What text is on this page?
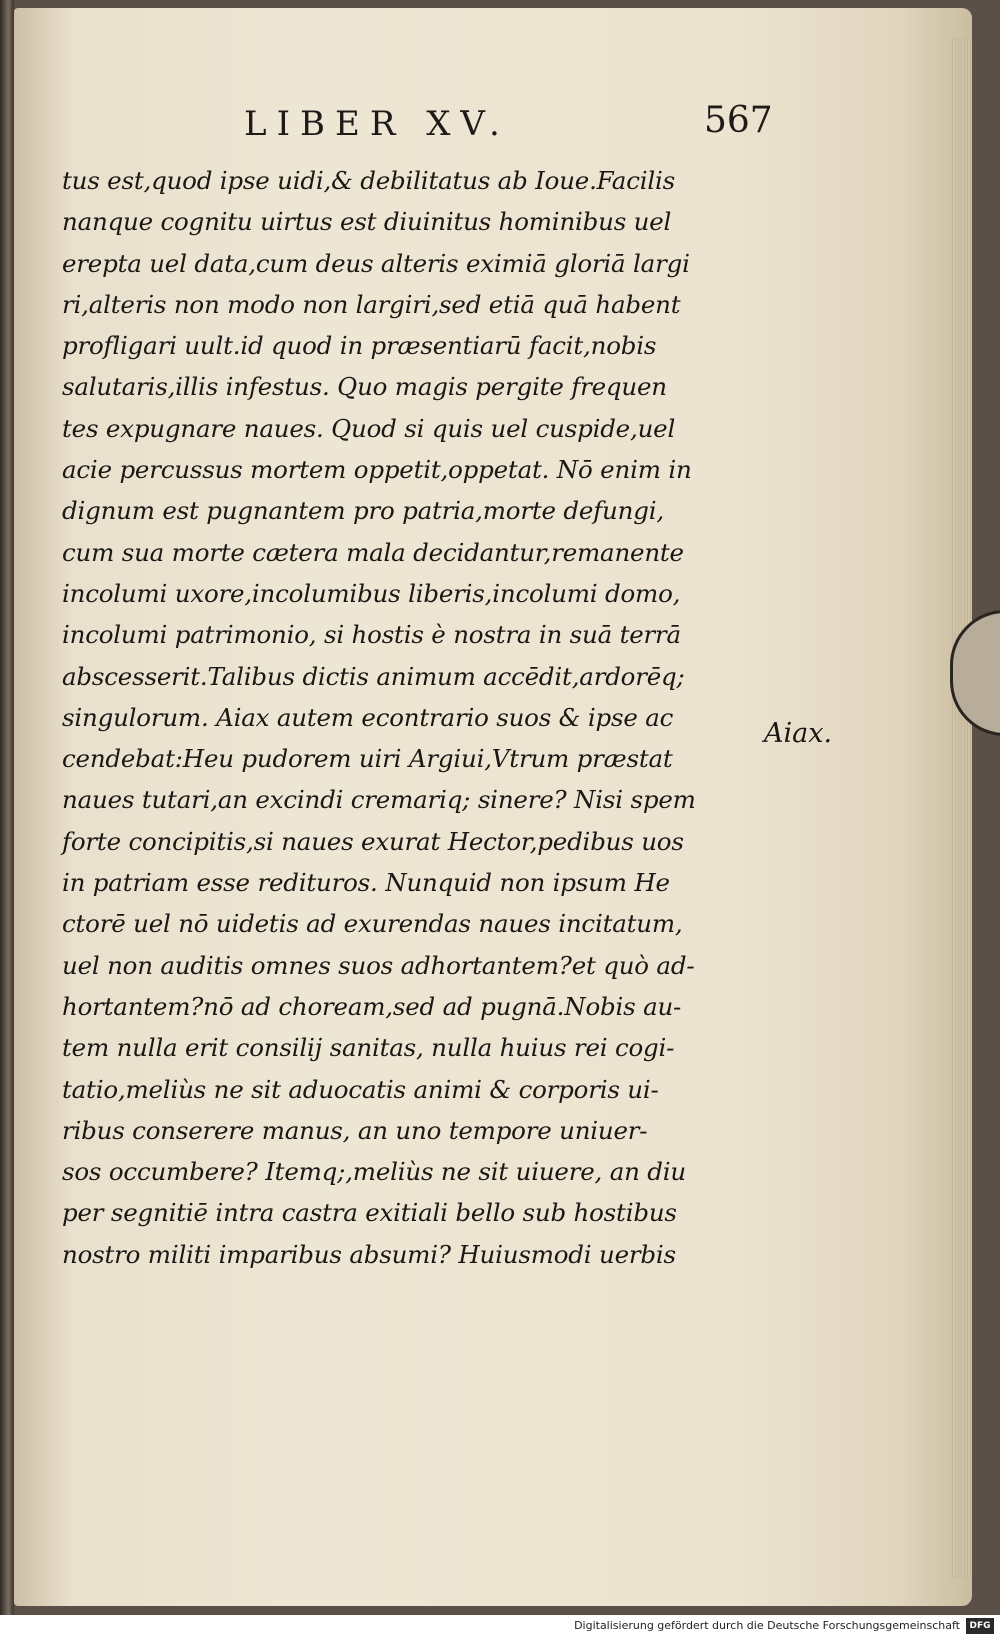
LIBER XV.	567
tus est,quod ipse uidi,& debilitatus ab Ioue.Facilis
nanque cognitu uirtus est diuinitus hominibus uel
erepta uel data,cum deus alteris eximiā gloriā largi
ri,alteris non modo non largiri,sed etiā quā habent
profligari uult.id quod in præsentiarū facit,nobis
salutaris,illis infestus. Quo magis pergite frequen
tes expugnare naues. Quod si quis uel cuspide,uel
acie percussus mortem oppetit,oppetat. Nō enim in
dignum est pugnantem pro patria,morte defungi,
cum sua morte cætera mala decidantur,remanente
incolumi uxore,incolumibus liberis,incolumi domo,
incolumi patrimonio, si hostis è nostra in suā terrā
abscesserit.Talibus dictis animum accēdit,ardorēq;
singulorum. Aiax autem econtrario suos & ipse ac
cendebat:Heu pudorem uiri Argiui,Vtrum præstat
naues tutari,an excindi cremariq; sinere? Nisi spem
forte concipitis,si naues exurat Hector,pedibus uos
in patriam esse redituros. Nunquid non ipsum He
ctorē uel nō uidetis ad exurendas naues incitatum,
uel non auditis omnes suos adhortantem?et quò ad-
hortantem?nō ad choream,sed ad pugnā.Nobis au-
tem nulla erit consilij sanitas, nulla huius rei cogi-
tatio,meliùs ne sit aduocatis animi & corporis ui-
ribus conserere manus, an uno tempore uniuer-
sos occumbere? Itemq;,meliùs ne sit uiuere, an diu
per segnitiē intra castra exitiali bello sub hostibus
nostro militi imparibus absumi? Huiusmodi uerbis
Aiax.
Digitalisierung gefördert durch die Deutsche Forschungsgemeinschaft	DFG
